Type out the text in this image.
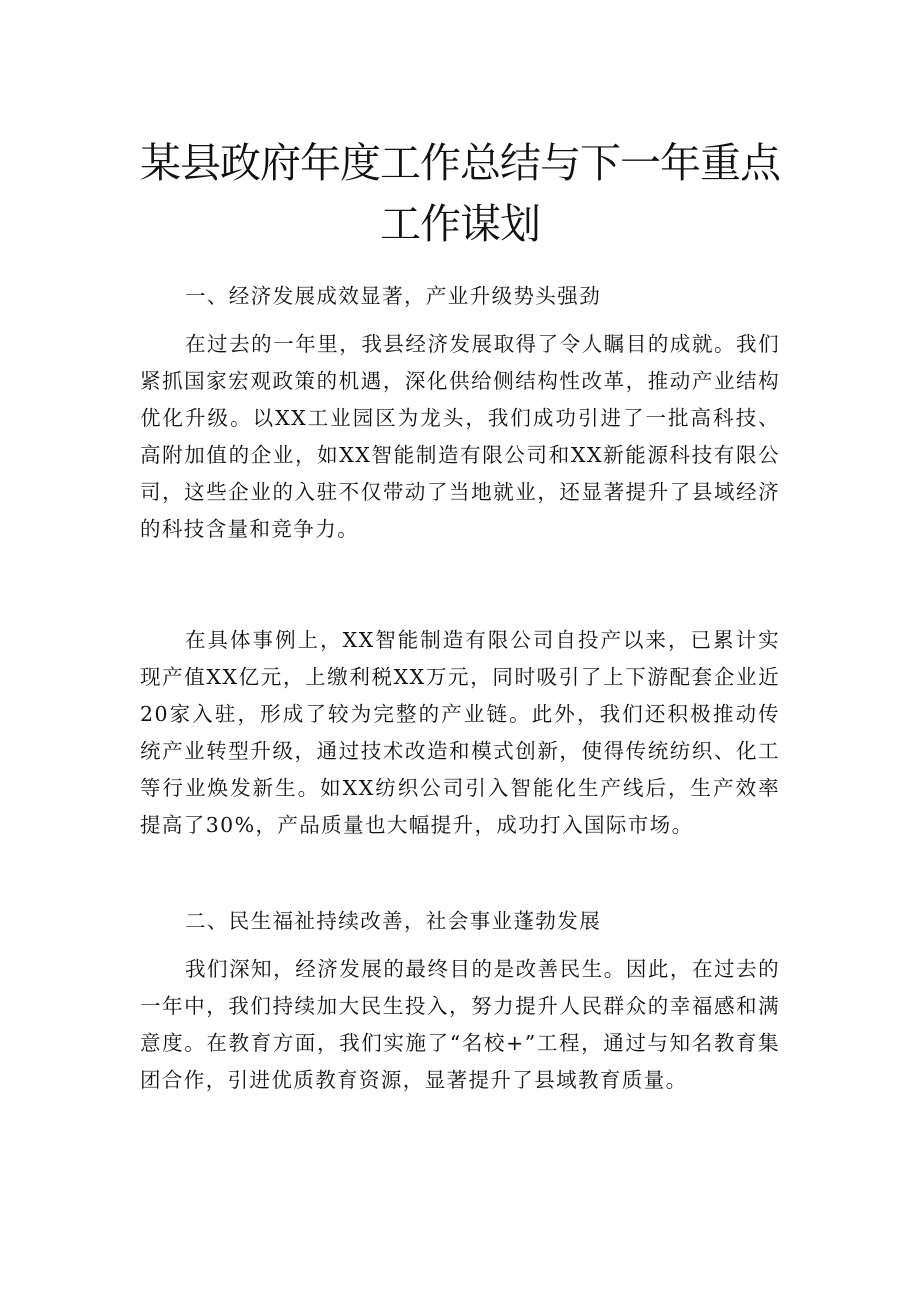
某县政府年度工作总结与下一年重点工作谋划

一、经济发展成效显著，产业升级势头强劲

在过去的一年里，我县经济发展取得了令人瞩目的成就。我们紧抓国家宏观政策的机遇，深化供给侧结构性改革，推动产业结构优化升级。以XX工业园区为龙头，我们成功引进了一批高科技、高附加值的企业，如XX智能制造有限公司和XX新能源科技有限公司，这些企业的入驻不仅带动了当地就业，还显著提升了县域经济的科技含量和竞争力。

在具体事例上，XX智能制造有限公司自投产以来，已累计实现产值XX亿元，上缴利税XX万元，同时吸引了上下游配套企业近20家入驻，形成了较为完整的产业链。此外，我们还积极推动传统产业转型升级，通过技术改造和模式创新，使得传统纺织、化工等行业焕发新生。如XX纺织公司引入智能化生产线后，生产效率提高了30%，产品质量也大幅提升，成功打入国际市场。

二、民生福祉持续改善，社会事业蓬勃发展

我们深知，经济发展的最终目的是改善民生。因此，在过去的一年中，我们持续加大民生投入，努力提升人民群众的幸福感和满意度。在教育方面，我们实施了“名校+”工程，通过与知名教育集团合作，引进优质教育资源，显著提升了县域教育质量。
